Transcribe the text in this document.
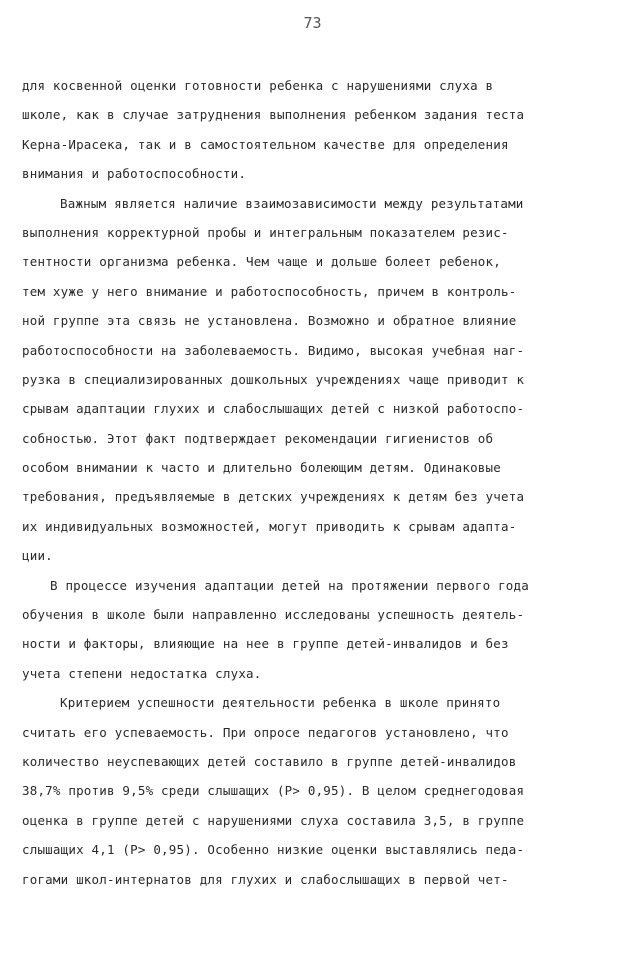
73
для косвенной оценки готовности ребенка с нарушениями слуха в
школе, как в случае затруднения выполнения ребенком задания теста
Керна-Ирасека, так и в самостоятельном качестве для определения
внимания и работоспособности.
Важным является наличие взаимозависимости между результатами
выполнения корректурной пробы и интегральным показателем резис-
тентности организма ребенка. Чем чаще и дольше болеет ребенок,
тем хуже у него внимание и работоспособность, причем в контроль-
ной группе эта связь не установлена. Возможно и обратное влияние
работоспособности на заболеваемость. Видимо, высокая учебная наг-
рузка в специализированных дошкольных учреждениях чаще приводит к
срывам адаптации глухих и слабослышащих детей с низкой работоспо-
собностью. Этот факт подтверждает рекомендации гигиенистов об
особом внимании к часто и длительно болеющим детям. Одинаковые
требования, предъявляемые в детских учреждениях к детям без учета
их индивидуальных возможностей, могут приводить к срывам адапта-
ции.
В процессе изучения адаптации детей на протяжении первого года
обучения в школе были направленно исследованы успешность деятель-
ности и факторы, влияющие на нее в группе детей-инвалидов и без
учета степени недостатка слуха.
Критерием успешности деятельности ребенка в школе принято
считать его успеваемость. При опросе педагогов установлено, что
количество неуспевающих детей составило в группе детей-инвалидов
38,7% против 9,5% среди слышащих (P> 0,95). В целом среднегодовая
оценка в группе детей с нарушениями слуха составила 3,5, в группе
слышащих 4,1 (P> 0,95). Особенно низкие оценки выставлялись педа-
гогами школ-интернатов для глухих и слабослышащих в первой чет-
